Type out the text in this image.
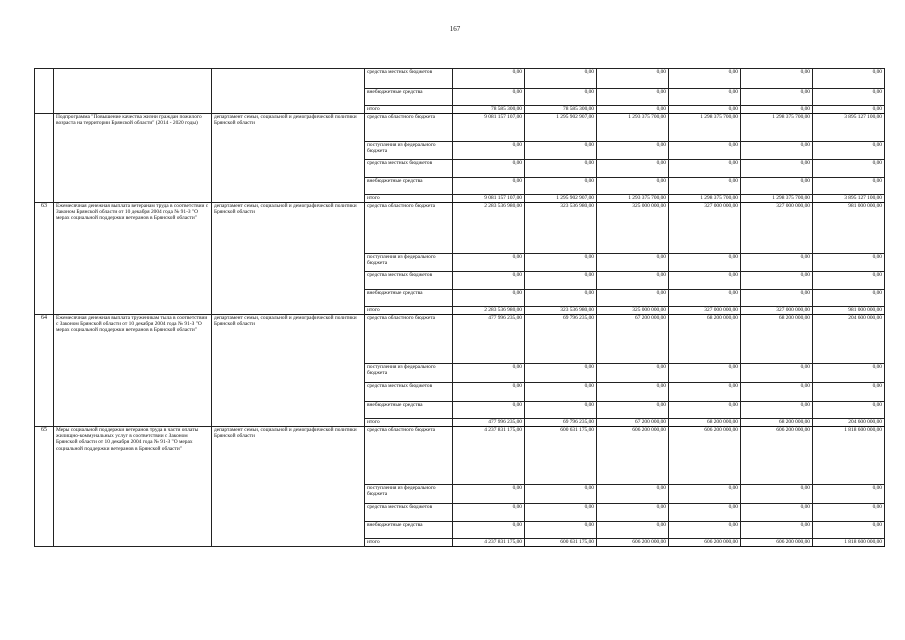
167
			средства местных бюджетов	0,00	0,00	0,00	0,00	0,00	0,00
			внебюджетные средства	0,00	0,00	0,00	0,00	0,00	0,00
			итого	78 585 300,00	78 585 300,00	0,00	0,00	0,00	0,00
	Подпрограмма "Повышение качества жизни граждан пожилого возраста на территории Брянской области" (2014 - 2020 годы)	департамент семьи, социальной и демографической политики Брянской области	средства областного бюджета	9 081 157 107,00	1 295 902 907,00	1 293 375 700,00	1 298 375 700,00	1 298 375 700,00	3 895 127 100,00
			поступления из федерального бюджета	0,00	0,00	0,00	0,00	0,00	0,00
			средства местных бюджетов	0,00	0,00	0,00	0,00	0,00	0,00
			внебюджетные средства	0,00	0,00	0,00	0,00	0,00	0,00
			итого	9 081 157 107,00	1 295 902 907,00	1 293 375 700,00	1 298 375 700,00	1 298 375 700,00	3 895 127 100,00
63	Ежемесячная денежная выплата ветеранам труда в соответствии с Законом Брянской области от 10 декабря 2004 года № 91-З "О мерах социальной поддержки ветеранов в Брянской области"	департамент семьи, социальной и демографической политики Брянской области	средства областного бюджета	2 283 536 980,00	323 536 980,00	325 000 000,00	327 000 000,00	327 000 000,00	981 000 000,00
			поступления из федерального бюджета	0,00	0,00	0,00	0,00	0,00	0,00
			средства местных бюджетов	0,00	0,00	0,00	0,00	0,00	0,00
			внебюджетные средства	0,00	0,00	0,00	0,00	0,00	0,00
			итого	2 283 536 980,00	323 536 980,00	325 000 000,00	327 000 000,00	327 000 000,00	981 000 000,00
64	Ежемесячная денежная выплата труженикам тыла в соответствии с Законом Брянской области от 10 декабря 2004 года № 91-З "О мерах социальной поддержки ветеранов в Брянской области"	департамент семьи, социальной и демографической политики Брянской области	средства областного бюджета	477 996 235,00	69 796 235,00	67 200 000,00	68 200 000,00	68 200 000,00	204 600 000,00
			поступления из федерального бюджета	0,00	0,00	0,00	0,00	0,00	0,00
			средства местных бюджетов	0,00	0,00	0,00	0,00	0,00	0,00
			внебюджетные средства	0,00	0,00	0,00	0,00	0,00	0,00
			итого	477 996 235,00	69 796 235,00	67 200 000,00	68 200 000,00	68 200 000,00	204 600 000,00
65	Меры социальной поддержки ветеранов труда в части оплаты жилищно-коммунальных услуг в соответствии с Законом Брянской области от 10 декабря 2004 года № 91-З "О мерах социальной поддержки ветеранов в Брянской области"	департамент семьи, социальной и демографической политики Брянской области	средства областного бюджета	4 237 831 175,00	600 631 175,00	606 200 000,00	606 200 000,00	606 200 000,00	1 818 600 000,00
			поступления из федерального бюджета	0,00	0,00	0,00	0,00	0,00	0,00
			средства местных бюджетов	0,00	0,00	0,00	0,00	0,00	0,00
			внебюджетные средства	0,00	0,00	0,00	0,00	0,00	0,00
			итого	4 237 831 175,00	600 631 175,00	606 200 000,00	606 200 000,00	606 200 000,00	1 818 600 000,00
